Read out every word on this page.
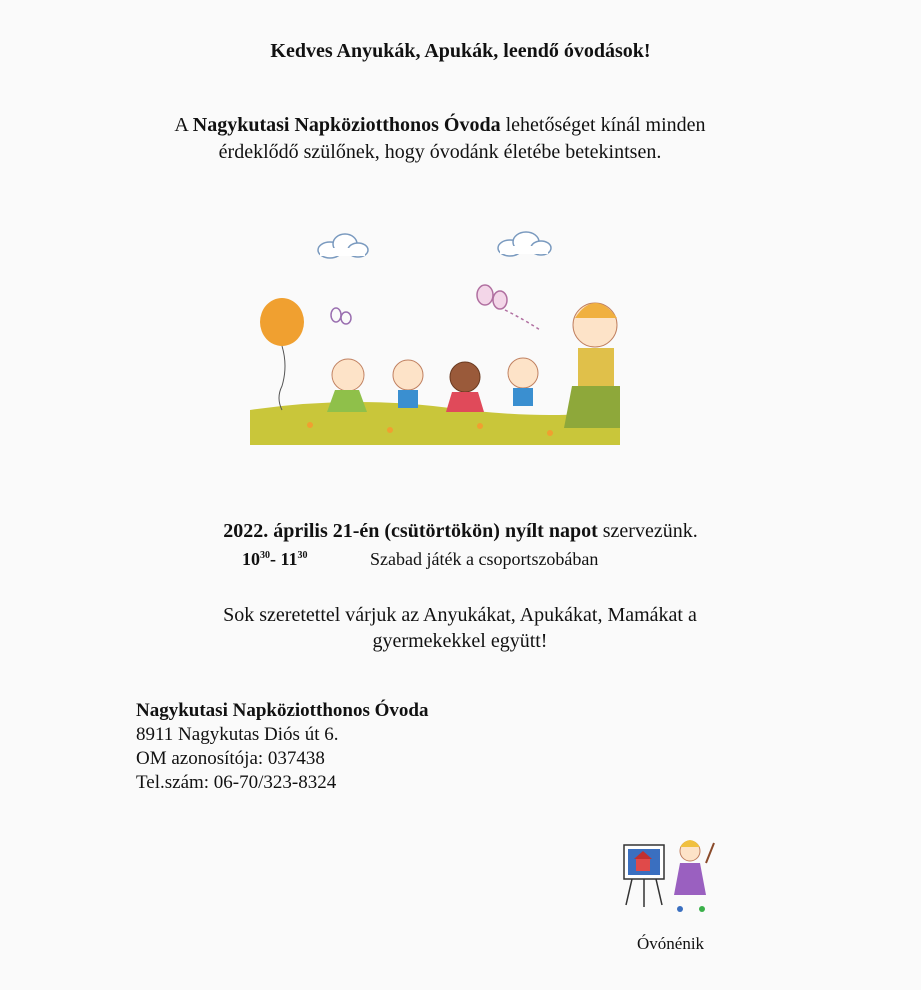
Kedves Anyukák, Apukák, leendő óvodások!
A Nagykutasi Napköziotthonos Óvoda lehetőséget kínál minden
érdeklődő szülőnek, hogy óvodánk életébe betekintsen.
2022. április 21-én (csütörtökön) nyílt napot szervezünk.
$10^{30}-$ $11^{30}$	Szabad játék a csoportszobában
Sok szeretettel várjuk az Anyukákat, Apukákat, Mamákat a
gyermekekkel együtt!
Nagykutasi Napköziotthonos Óvoda
8911 Nagykutas Diós út 6.
OM azonosítója: 037438
Tel.szám: 06-70/323-8324
Óvónénik
